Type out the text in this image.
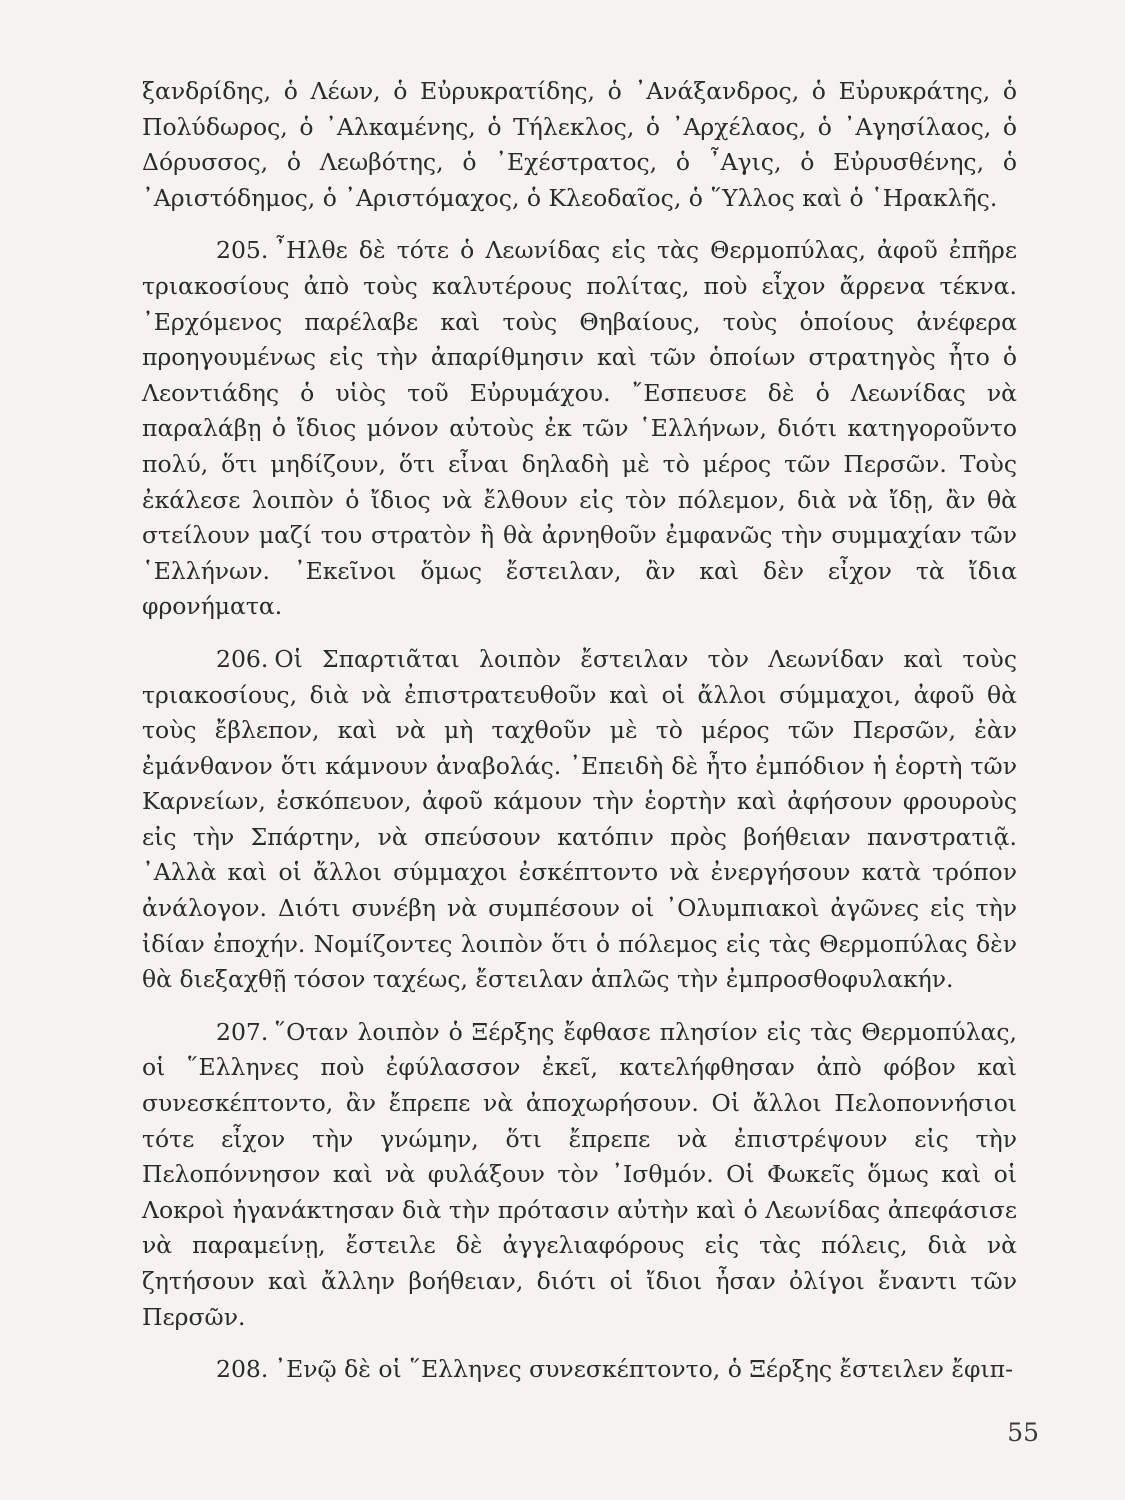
ξανδρίδης, ὁ Λέων, ὁ Εὐρυκρατίδης, ὁ ᾿Ανάξανδρος, ὁ Εὐρυκράτης, ὁ Πολύδωρος, ὁ ᾿Αλκαμένης, ὁ Τήλεκλος, ὁ ᾿Αρχέλαος, ὁ ᾿Αγησίλαος, ὁ Δόρυσσος, ὁ Λεωβότης, ὁ ᾿Εχέστρατος, ὁ ῏Αγις, ὁ Εὐρυσθένης, ὁ ᾿Αριστόδημος, ὁ ᾿Αριστόμαχος, ὁ Κλεοδαῖος, ὁ ῞Υλλος καὶ ὁ ῾Ηρακλῆς.

205. ῏Ηλθε δὲ τότε ὁ Λεωνίδας εἰς τὰς Θερμοπύλας, ἀφοῦ ἐπῆρε τριακοσίους ἀπὸ τοὺς καλυτέρους πολίτας, ποὺ εἶχον ἄρρενα τέκνα. ᾿Ερχόμενος παρέλαβε καὶ τοὺς Θηβαίους, τοὺς ὁποίους ἀνέφερα προηγουμένως εἰς τὴν ἀπαρίθμησιν καὶ τῶν ὁποίων στρατηγὸς ἦτο ὁ Λεοντιάδης ὁ υἱὸς τοῦ Εὐρυμάχου. ῎Εσπευσε δὲ ὁ Λεωνίδας νὰ παραλάβῃ ὁ ἴδιος μόνον αὐτοὺς ἐκ τῶν ῾Ελλήνων, διότι κατηγοροῦντο πολύ, ὅτι μηδίζουν, ὅτι εἶναι δηλαδὴ μὲ τὸ μέρος τῶν Περσῶν. Τοὺς ἐκάλεσε λοιπὸν ὁ ἴδιος νὰ ἔλθουν εἰς τὸν πόλεμον, διὰ νὰ ἴδῃ, ἂν θὰ στείλουν μαζί του στρατὸν ἢ θὰ ἀρνηθοῦν ἐμφανῶς τὴν συμμαχίαν τῶν ῾Ελλήνων. ᾿Εκεῖνοι ὅμως ἔστειλαν, ἂν καὶ δὲν εἶχον τὰ ἴδια φρονήματα.

206. Οἱ Σπαρτιᾶται λοιπὸν ἔστειλαν τὸν Λεωνίδαν καὶ τοὺς τριακοσίους, διὰ νὰ ἐπιστρατευθοῦν καὶ οἱ ἄλλοι σύμμαχοι, ἀφοῦ θὰ τοὺς ἔβλεπον, καὶ νὰ μὴ ταχθοῦν μὲ τὸ μέρος τῶν Περσῶν, ἐὰν ἐμάνθανον ὅτι κάμνουν ἀναβολάς. ᾿Επειδὴ δὲ ἦτο ἐμπόδιον ἡ ἑορτὴ τῶν Καρνείων, ἐσκόπευον, ἀφοῦ κάμουν τὴν ἑορτὴν καὶ ἀφήσουν φρουροὺς εἰς τὴν Σπάρτην, νὰ σπεύσουν κατόπιν πρὸς βοήθειαν πανστρατιᾷ. ᾿Αλλὰ καὶ οἱ ἄλλοι σύμμαχοι ἐσκέπτοντο νὰ ἐνεργήσουν κατὰ τρόπον ἀνάλογον. Διότι συνέβη νὰ συμπέσουν οἱ ᾿Ολυμπιακοὶ ἀγῶνες εἰς τὴν ἰδίαν ἐποχήν. Νομίζοντες λοιπὸν ὅτι ὁ πόλεμος εἰς τὰς Θερμοπύλας δὲν θὰ διεξαχθῇ τόσον ταχέως, ἔστειλαν ἁπλῶς τὴν ἐμπροσθοφυλακήν.

207. ῞Οταν λοιπὸν ὁ Ξέρξης ἔφθασε πλησίον εἰς τὰς Θερμοπύλας, οἱ ῞Ελληνες ποὺ ἐφύλασσον ἐκεῖ, κατελήφθησαν ἀπὸ φόβον καὶ συνεσκέπτοντο, ἂν ἔπρεπε νὰ ἀποχωρήσουν. Οἱ ἄλλοι Πελοποννήσιοι τότε εἶχον τὴν γνώμην, ὅτι ἔπρεπε νὰ ἐπιστρέψουν εἰς τὴν Πελοπόννησον καὶ νὰ φυλάξουν τὸν ᾿Ισθμόν. Οἱ Φωκεῖς ὅμως καὶ οἱ Λοκροὶ ἠγανάκτησαν διὰ τὴν πρότασιν αὐτὴν καὶ ὁ Λεωνίδας ἀπεφάσισε νὰ παραμείνῃ, ἔστειλε δὲ ἀγγελιαφόρους εἰς τὰς πόλεις, διὰ νὰ ζητήσουν καὶ ἄλλην βοήθειαν, διότι οἱ ἴδιοι ἦσαν ὀλίγοι ἔναντι τῶν Περσῶν.

208. ᾿Ενῷ δὲ οἱ ῞Ελληνες συνεσκέπτοντο, ὁ Ξέρξης ἔστειλεν ἔφιπ-

55
